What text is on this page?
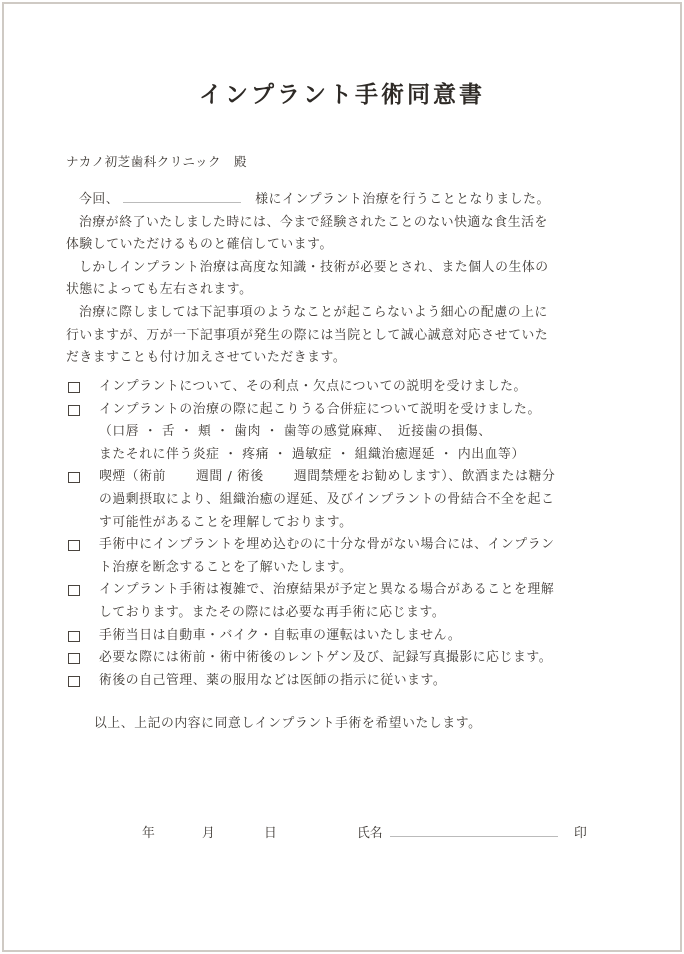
インプラント手術同意書
ナカノ初芝歯科クリニック　殿

今回、	様にインプラント治療を行うこととなりました。

治療が終了いたしました時には、今まで経験されたことのない快適な食生活を

体験していただけるものと確信しています。

しかしインプラント治療は高度な知識・技術が必要とされ、また個人の生体の

状態によっても左右されます。

治療に際しましては下記事項のようなことが起こらないよう細心の配慮の上に

行いますが、万が一下記事項が発生の際には当院として誠心誠意対応させていた

だきますことも付け加えさせていただきます。

インプラントについて、その利点・欠点についての説明を受けました。
インプラントの治療の際に起こりうる合併症について説明を受けました。
（口唇 ・ 舌 ・ 頬 ・ 歯肉 ・ 歯等の感覚麻痺、　近接歯の損傷、
またそれに伴う炎症 ・ 疼痛 ・ 過敏症 ・ 組織治癒遅延 ・ 内出血等）
喫煙（術前 週間 / 術後 週間禁煙をお勧めします）、飲酒または糖分
の過剰摂取により、組織治癒の遅延、及びインプラントの骨結合不全を起こ
す可能性があることを理解しております。
手術中にインプラントを埋め込むのに十分な骨がない場合には、インプラン
ト治療を断念することを了解いたします。
インプラント手術は複雑で、治療結果が予定と異なる場合があることを理解
しております。またその際には必要な再手術に応じます。
手術当日は自動車・バイク・自転車の運転はいたしません。
必要な際には術前・術中術後のレントゲン及び、記録写真撮影に応じます。
術後の自己管理、薬の服用などは医師の指示に従います。
以上、上記の内容に同意しインプラント手術を希望いたします。
年	月	日	氏名	印
